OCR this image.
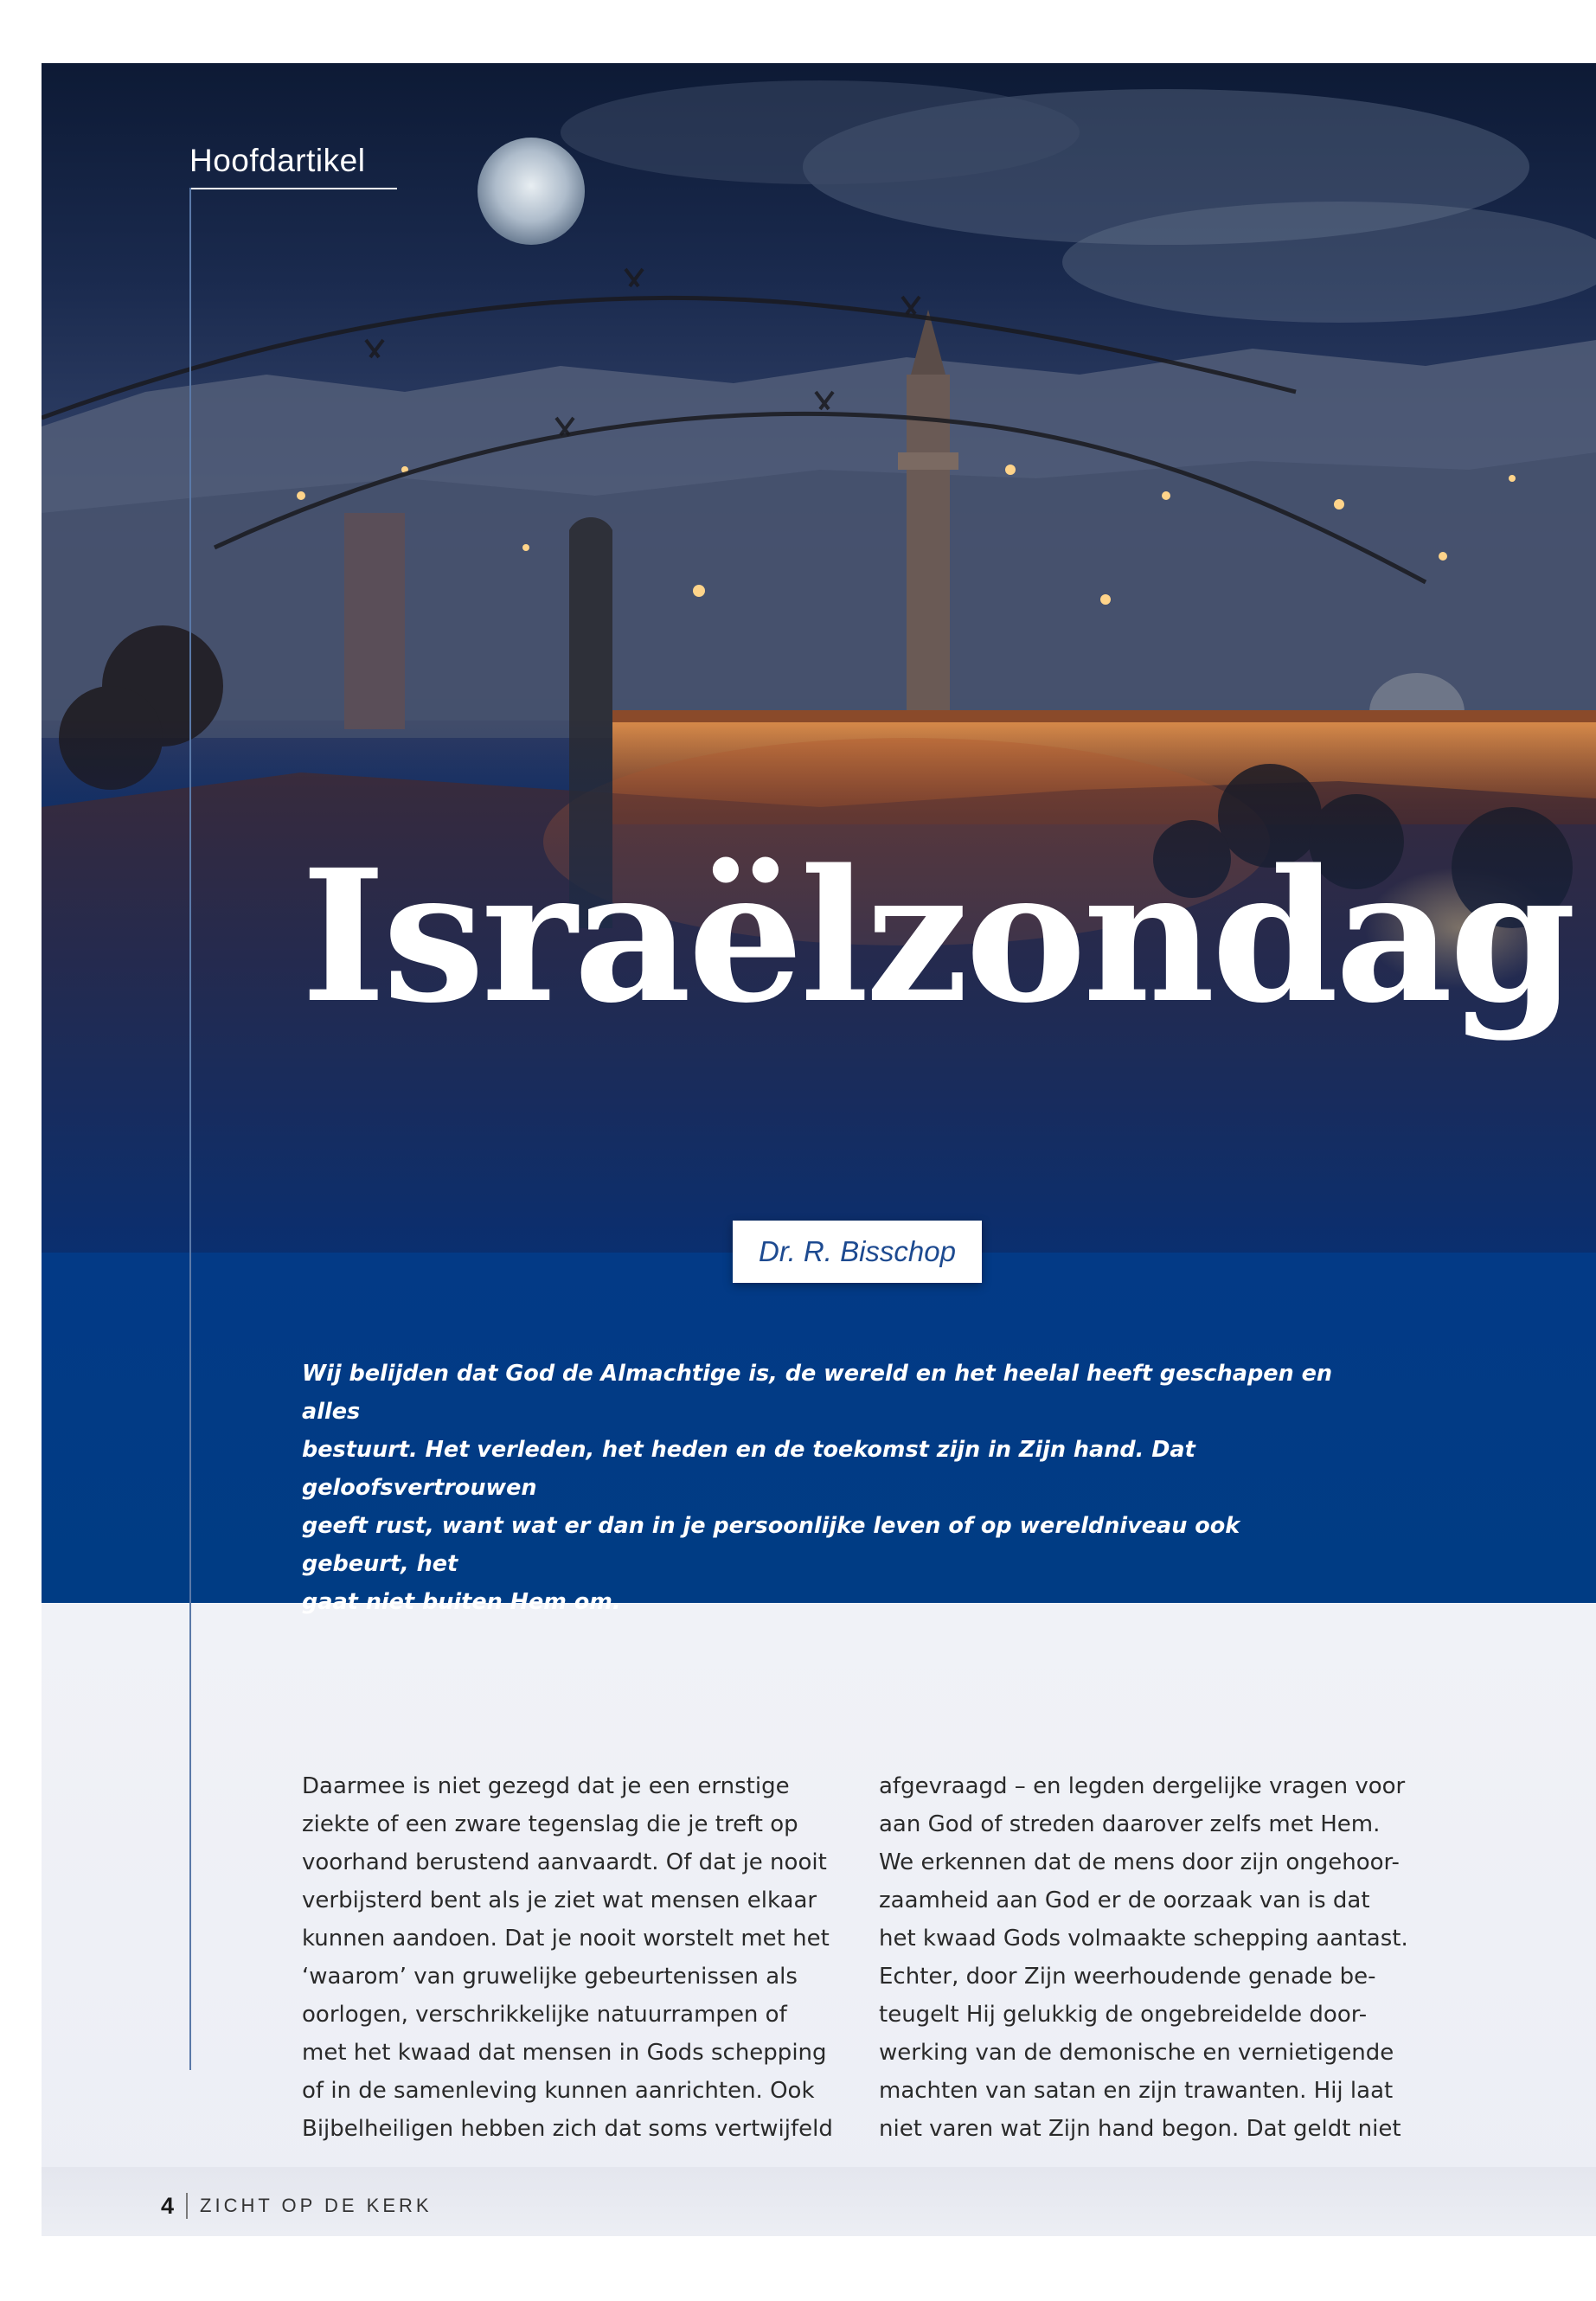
Hoofdartikel
Israëlzondag
Dr. R. Bisschop
Wij belijden dat God de Almachtige is, de wereld en het heelal heeft geschapen en alles
bestuurt. Het verleden, het heden en de toekomst zijn in Zijn hand. Dat geloofsvertrouwen
geeft rust, want wat er dan in je persoonlijke leven of op wereldniveau ook gebeurt, het
gaat niet buiten Hem om.
Daarmee is niet gezegd dat je een ernstige
ziekte of een zware tegenslag die je treft op
voorhand berustend aanvaardt. Of dat je nooit
verbijsterd bent als je ziet wat mensen elkaar
kunnen aandoen. Dat je nooit worstelt met het
‘waarom’ van gruwelijke gebeurtenissen als
oorlogen, verschrikkelijke natuurrampen of
met het kwaad dat mensen in Gods schepping
of in de samenleving kunnen aanrichten. Ook
Bijbelheiligen hebben zich dat soms vertwijfeld
afgevraagd – en legden dergelijke vragen voor
aan God of streden daarover zelfs met Hem.
We erkennen dat de mens door zijn ongehoor-
zaamheid aan God er de oorzaak van is dat
het kwaad Gods volmaakte schepping aantast.
Echter, door Zijn weerhoudende genade be-
teugelt Hij gelukkig de ongebreidelde door-
werking van de demonische en vernietigende
machten van satan en zijn trawanten. Hij laat
niet varen wat Zijn hand begon. Dat geldt niet
4 ZICHT OP DE KERK
